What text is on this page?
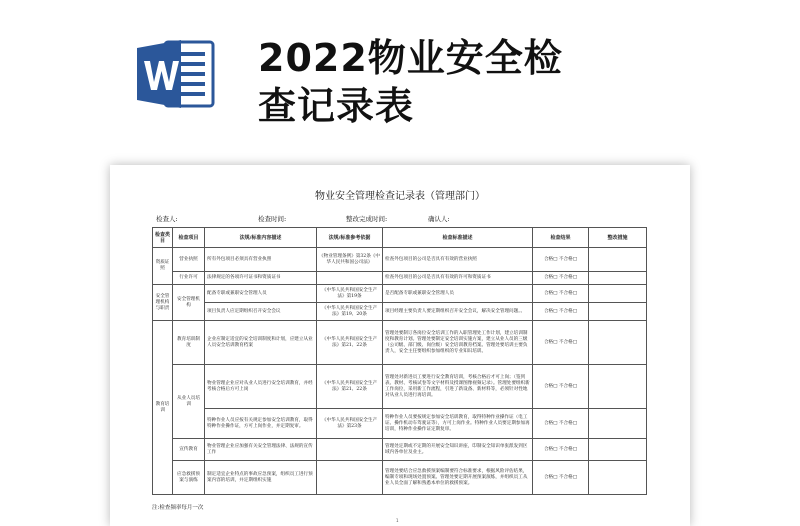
2022物业安全检
查记录表
物业安全管理检查记录表（管理部门）
检查人:	检查时间:	整改完成时间:	确认人:
检查类目	检查项目	法规/标准内容描述	法规/标准参考依据	检查标准描述	检查结果	整改措施
资质证照	营业执照	所有外包项目必须具有营业执照	《物业管理条例》第32条《中华人民共和国公司法》	检查外包项目的公司是否具有有效的营业执照	合格□ 不合格□	
	行业许可	法律规定的各项许可证书和资质证书		检查外包项目的公司是否具有有效的许可和资质证书	合格□ 不合格□	
安全管理机构与职责	安全管理机构	配备专职或兼职安全管理人员	《中华人民共和国安全生产法》第19条	是否配备专职或兼职安全管理人员	合格□ 不合格□	
		项目负责人应定期组织召开安全会议	《中华人民共和国安全生产法》第19、20条	项目经理主要负责人要定期组织召开安全会议，解决安全管理问题。。	合格□ 不合格□	
教育培训	教育培训制度	企业应制定适宜的安全培训制度和计划，应建立从业人员安全培训教育档案	《中华人民共和国安全生产法》第21、22条	管理处要制订各岗位安全培训工作的入职管理处工作计划，建立培训制度和教育计划。管理处要制定安全培训实施方案，建立从业人员的三级（公司级、部门级、岗位级）安全培训教育档案。管理处要培训主要负责人，安全主任要组织参加组织的专业知识培训。	合格□ 不合格□	
	从业人员培训	物业管理企业应对从业人员进行安全培训教育，并经考核合格后方可上岗	《中华人民共和国安全生产法》第21、22条	管理处对新进员工要进行安全教育培训，考核合格后才可上岗；（签到表、教材、考核试卷等文字材料及授课图像视频记录）。管理处要组织新工作岗位，采用新工作流程，引进了新设备、新材料等，必须针对性地对从业人员进行再培训。	合格□ 不合格□	
		特种作业人员应按有关规定参加安全培训教育，取得特种作业操作证，方可上岗作业，并定期复审。	《中华人民共和国安全生产法》第23条	特种作业人员要按规定参加安全培训教育，取得特种作业操作证（电工证、操作机动车驾驶证等），方可上岗作业。特种作业人员要定期参加再培训，特种作业操作证定期复审。	合格□ 不合格□	
	宣传教育	物业管理企业应加强有关安全管理法律、法规的宣传工作		管理处定期或不定期的开展安全知识讲座，印制安全知识单张派发到区域内各单位及业主。	合格□ 不合格□	
	应急救援预案与演练	制定适宜企业特点的事故应急预案，组织员工进行预案内容的培训，并定期组织实施		管理处要结合应急救援预案编制要符合标准要求，根据风险评估结果，编制专项和现场处置预案。管理处要定期开展预案演练，并组织员工从业人员全面了解和熟悉本单位的救援预案。	合格□ 不合格□	
注:检查频率每月一次
1
